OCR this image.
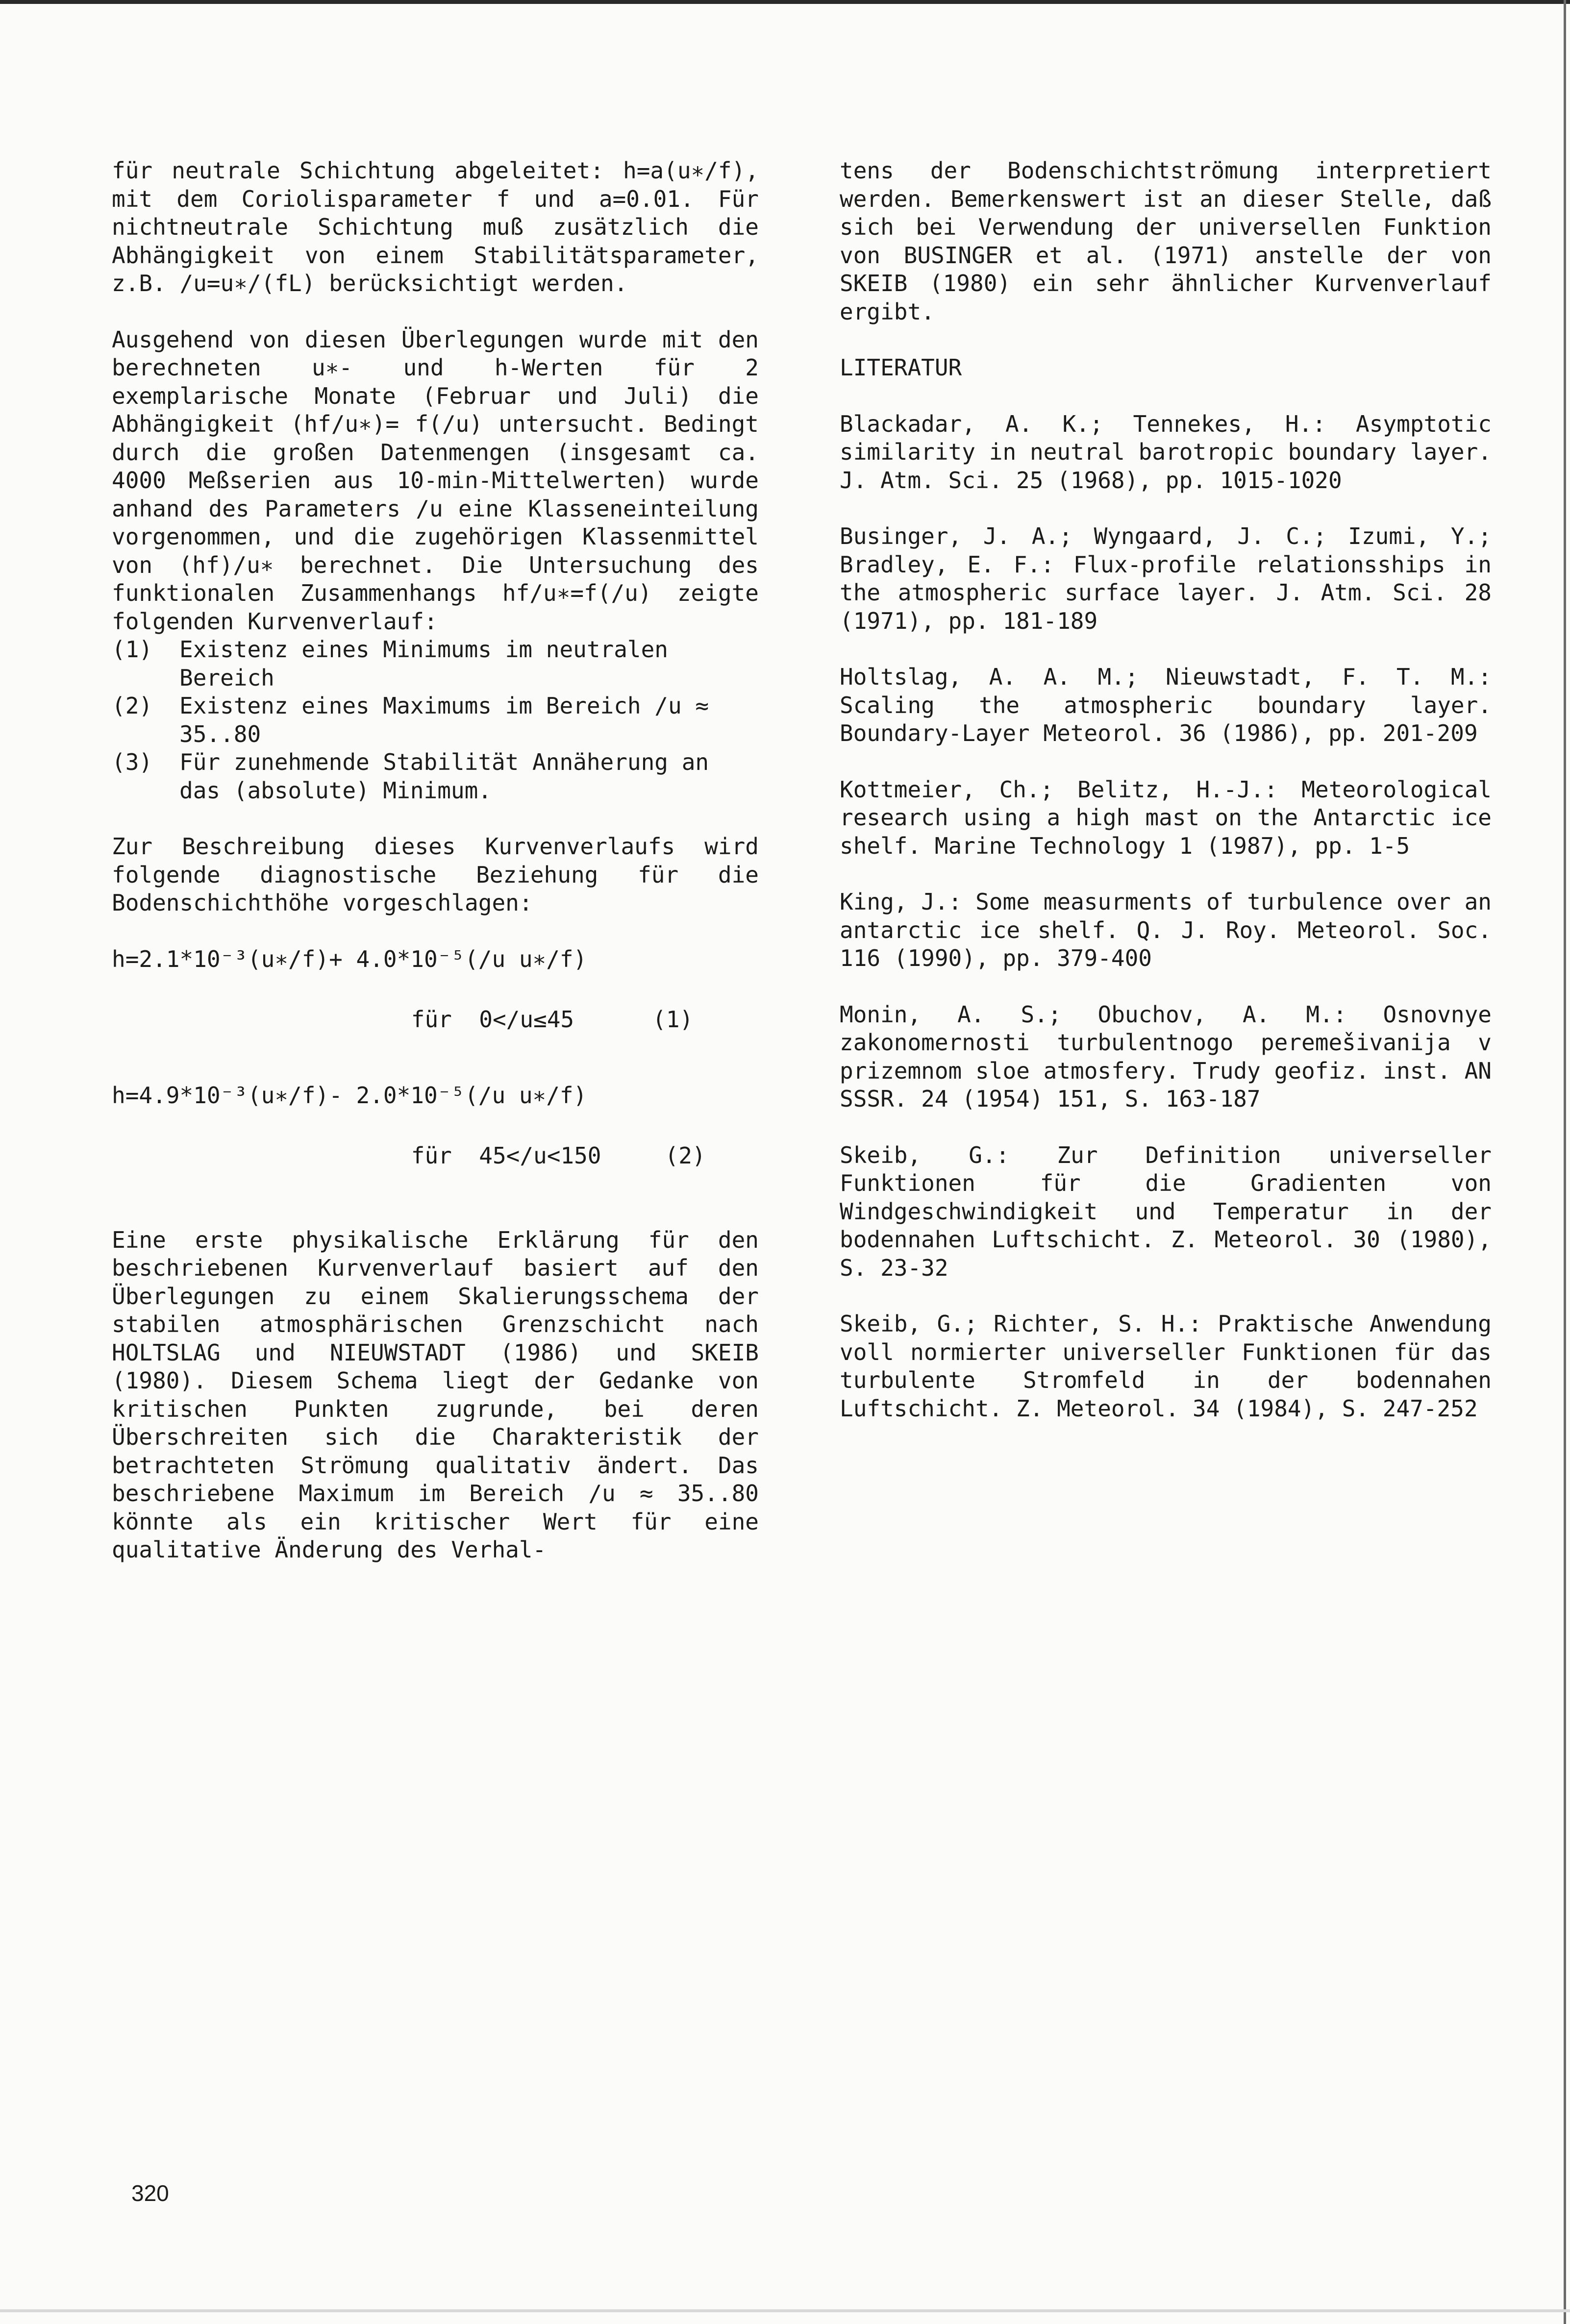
für neutrale Schichtung abgeleitet: h=a(u∗/f), mit dem Coriolisparameter f und a=0.01. Für nichtneutrale Schichtung muß zusätzlich die Abhängigkeit von einem Stabilitätsparameter, z.B. ∕u=u∗/(fL) berücksichtigt werden.

Ausgehend von diesen Überlegungen wurde mit den berechneten u∗- und h-Werten für 2 exemplarische Monate (Februar und Juli) die Abhängigkeit (hf/u∗)= f(∕u) untersucht. Bedingt durch die großen Datenmengen (insgesamt ca. 4000 Meßserien aus 10-min-Mittelwerten) wurde anhand des Parameters ∕u eine Klasseneinteilung vorgenommen, und die zugehörigen Klassenmittel von (hf)/u∗ berechnet. Die Untersuchung des funktionalen Zusammenhangs hf/u∗=f(∕u) zeigte folgenden Kurvenverlauf:

(1)	Existenz eines Minimums im neutralen Bereich
(2)	Existenz eines Maximums im Bereich ∕u ≈ 35..80
(3)	Für zunehmende Stabilität Annäherung an das (absolute) Minimum.

Zur Beschreibung dieses Kurvenverlaufs wird folgende diagnostische Beziehung für die Bodenschichthöhe vorgeschlagen:

h=2.1*10⁻³(u∗/f)+ 4.0*10⁻⁵(∕u u∗/f)

für  0<∕u≤45	(1)

h=4.9*10⁻³(u∗/f)- 2.0*10⁻⁵(∕u u∗/f)

für  45<∕u<150	(2)

Eine erste physikalische Erklärung für den beschriebenen Kurvenverlauf basiert auf den Überlegungen zu einem Skalierungsschema der stabilen atmosphärischen Grenzschicht nach HOLTSLAG und NIEUWSTADT (1986) und SKEIB (1980). Diesem Schema liegt der Gedanke von kritischen Punkten zugrunde, bei deren Überschreiten sich die Charakteristik der betrachteten Strömung qualitativ ändert. Das beschriebene Maximum im Bereich ∕u ≈ 35..80 könnte als ein kritischer Wert für eine qualitative Änderung des Verhal-

tens der Bodenschichtströmung interpretiert werden. Bemerkenswert ist an dieser Stelle, daß sich bei Verwendung der universellen Funktion von BUSINGER et al. (1971) anstelle der von SKEIB (1980) ein sehr ähnlicher Kurvenverlauf ergibt.

LITERATUR

Blackadar, A. K.; Tennekes, H.: Asymptotic similarity in neutral barotropic boundary layer. J. Atm. Sci. 25 (1968), pp. 1015-1020

Businger, J. A.; Wyngaard, J. C.; Izumi, Y.; Bradley, E. F.: Flux-profile relationsships in the atmospheric surface layer. J. Atm. Sci. 28 (1971), pp. 181-189

Holtslag, A. A. M.; Nieuwstadt, F. T. M.: Scaling the atmospheric boundary layer. Boundary-Layer Meteorol. 36 (1986), pp. 201-209

Kottmeier, Ch.; Belitz, H.-J.: Meteorological research using a high mast on the Antarctic ice shelf. Marine Technology 1 (1987), pp. 1-5

King, J.: Some measurments of turbulence over an antarctic ice shelf. Q. J. Roy. Meteorol. Soc. 116 (1990), pp. 379-400

Monin, A. S.; Obuchov, A. M.: Osnovnye zakonomernosti turbulentnogo peremešivanija v prizemnom sloe atmosfery. Trudy geofiz. inst. AN SSSR. 24 (1954) 151, S. 163-187

Skeib, G.: Zur Definition universeller Funktionen für die Gradienten von Windgeschwindigkeit und Temperatur in der bodennahen Luftschicht. Z. Meteorol. 30 (1980), S. 23-32

Skeib, G.; Richter, S. H.: Praktische Anwendung voll normierter universeller Funktionen für das turbulente Stromfeld in der bodennahen Luftschicht. Z. Meteorol. 34 (1984), S. 247-252

320
